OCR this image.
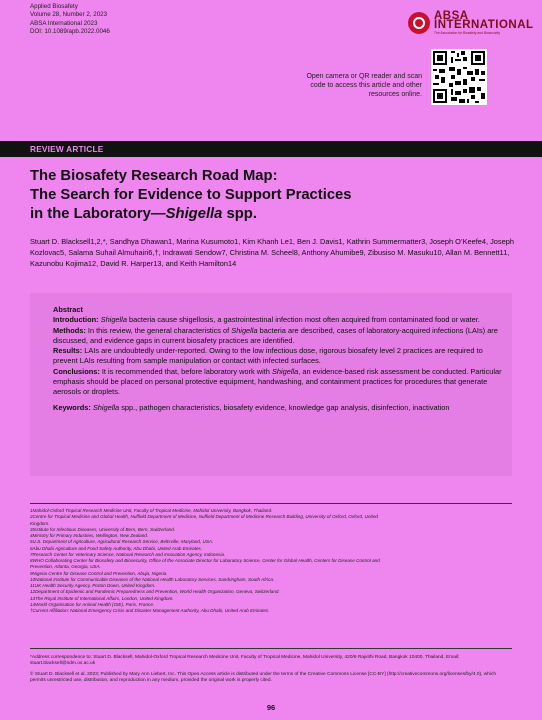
Applied Biosafety
Volume 28, Number 2, 2023
ABSA International 2023
DOI: 10.1089/apb.2022.0046
ABSA INTERNATIONAL
The Association for Biosafety and Biosecurity
Open camera or QR reader and scan code to access this article and other resources online.
REVIEW ARTICLE
The Biosafety Research Road Map:
The Search for Evidence to Support Practices
in the Laboratory—Shigella spp.
Stuart D. Blacksell1,2,*, Sandhya Dhawan1, Marina Kusumoto1, Kim Khanh Le1, Ben J. Davis1, Kathrin Summermatter3, Joseph O’Keefe4, Joseph Kozlovac5, Salama Suhail Almuhairi6,†, Indrawati Sendow7, Christina M. Scheel8, Anthony Ahumibe9, Zibusiso M. Masuku10, Allan M. Bennett11, Kazunobu Kojima12, David R. Harper13, and Keith Hamilton14

Abstract

Introduction: Shigella bacteria cause shigellosis, a gastrointestinal infection most often acquired from contaminated food or water.

Methods: In this review, the general characteristics of Shigella bacteria are described, cases of laboratory-acquired infections (LAIs) are discussed, and evidence gaps in current biosafety practices are identified.

Results: LAIs are undoubtedly under-reported. Owing to the low infectious dose, rigorous biosafety level 2 practices are required to prevent LAIs resulting from sample manipulation or contact with infected surfaces.

Conclusions: It is recommended that, before laboratory work with Shigella, an evidence-based risk assessment be conducted. Particular emphasis should be placed on personal protective equipment, handwashing, and containment practices for procedures that generate aerosols or droplets.

Keywords: Shigella spp., pathogen characteristics, biosafety evidence, knowledge gap analysis, disinfection, inactivation

1Mahidol-Oxford Tropical Research Medicine Unit, Faculty of Tropical Medicine, Mahidol University, Bangkok, Thailand.
2Centre for Tropical Medicine and Global Health, Nuffield Department of Medicine, Nuffield Department of Medicine Research Building, University of Oxford, Oxford, United
Kingdom.
3Institute for Infectious Diseases, University of Bern, Bern, Switzerland.
4Ministry for Primary Industries, Wellington, New Zealand.
5U.S. Department of Agriculture, Agricultural Research Service, Beltsville, Maryland, USA.
6Abu Dhabi Agriculture and Food Safety Authority, Abu Dhabi, United Arab Emirates.
7Research Center for Veterinary Science, National Research and Innovation Agency, Indonesia.
8WHO Collaborating Center for Biosafety and Biosecurity, Office of the Associate Director for Laboratory Science, Center for Global Health, Centers for Disease Control and
Prevention, Atlanta, Georgia, USA.
9Nigeria Centre for Disease Control and Prevention, Abuja, Nigeria.
10National Institute for Communicable Diseases of the National Health Laboratory Services, Sandringham, South Africa.
11UK Health Security Agency, Porton Down, United Kingdom.
12Department of Epidemic and Pandemic Preparedness and Prevention, World Health Organization, Geneva, Switzerland.
13The Royal Institute of International Affairs, London, United Kingdom.
14World Organisation for Animal Health (OIE), Paris, France.
†Current Affiliation: National Emergency Crisis and Disaster Management Authority, Abu Dhabi, United Arab Emirates.
*Address correspondence to: Stuart D. Blacksell, Mahidol-Oxford Tropical Research Medicine Unit, Faculty of Tropical Medicine, Mahidol University, 420/6 Rajvithi Road, Bangkok 10400, Thailand, Email: stuart.blacksell@ndm.ox.ac.uk
© Stuart D. Blacksell et al. 2023; Published by Mary Ann Liebert, Inc. This Open Access article is distributed under the terms of the Creative Commons License [CC-BY] (http://creativecommons.org/licenses/by/4.0), which permits unrestricted use, distribution, and reproduction in any medium, provided the original work is properly cited.
96
